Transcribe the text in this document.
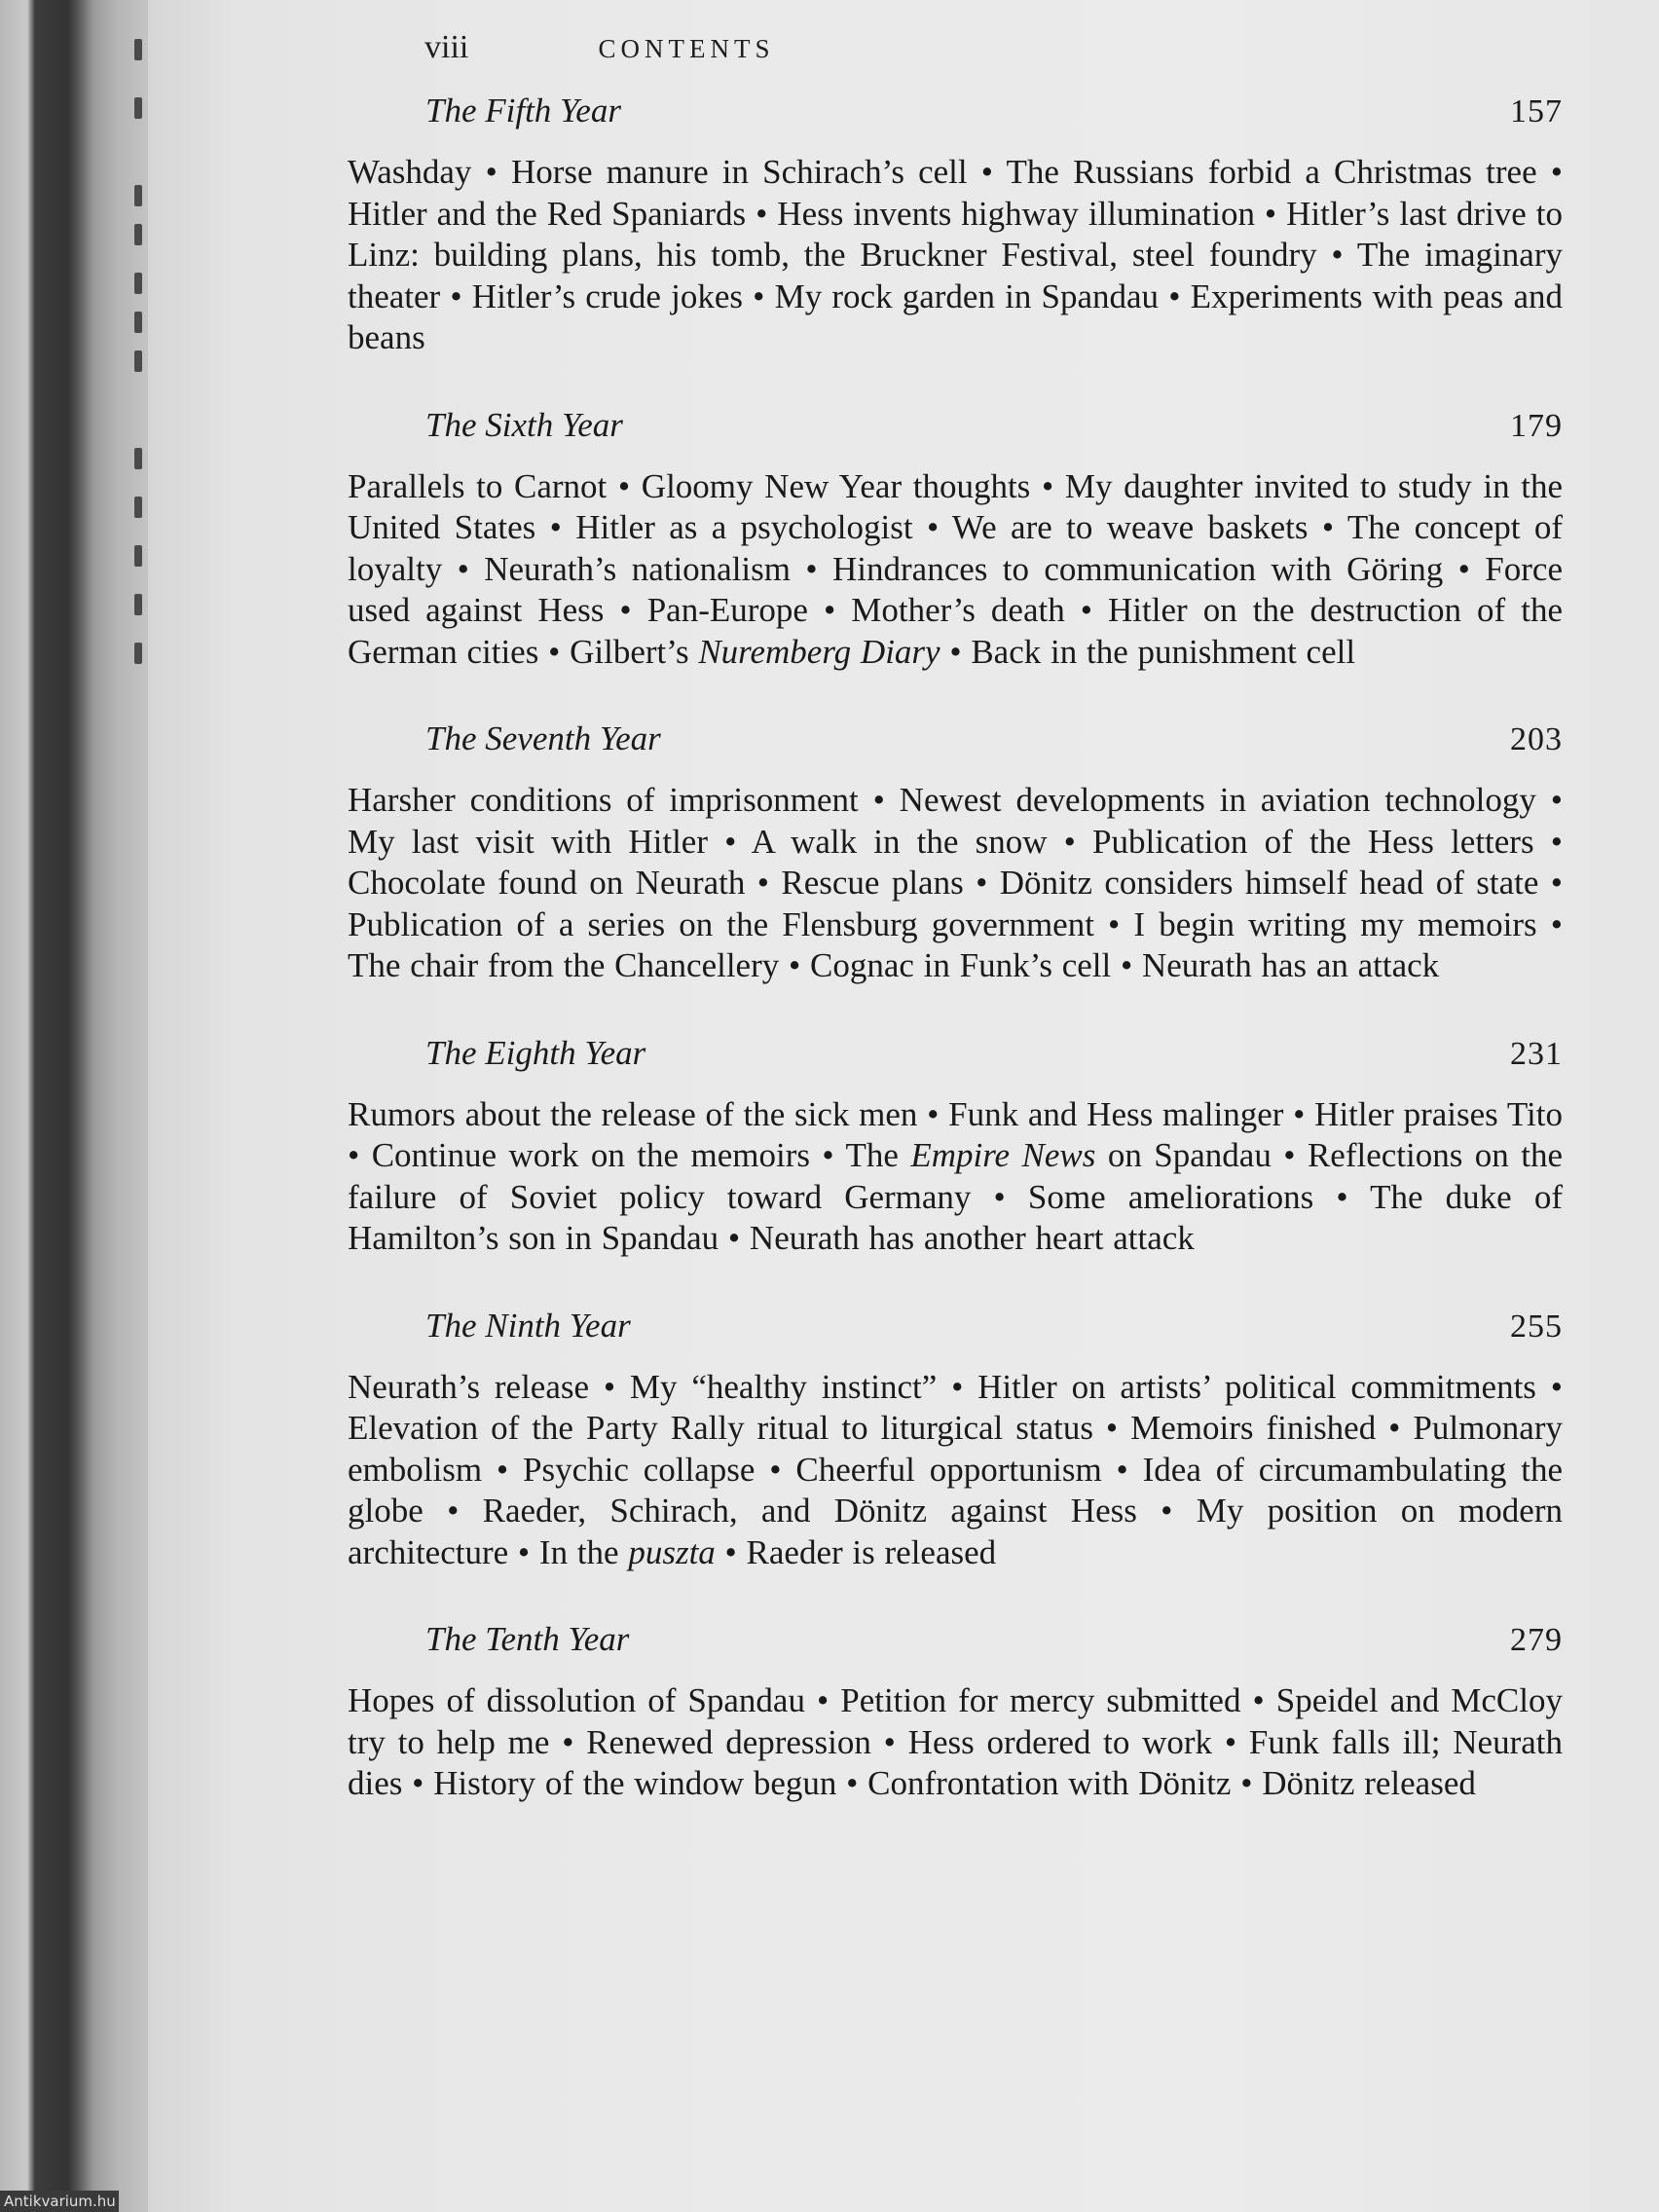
viii	CONTENTS
The Fifth Year	157
Washday • Horse manure in Schirach’s cell • The Russians forbid a Christmas tree • Hitler and the Red Spaniards • Hess invents highway illumination • Hitler’s last drive to Linz: building plans, his tomb, the Bruckner Festival, steel foundry • The imaginary theater • Hitler’s crude jokes • My rock garden in Spandau • Experiments with peas and beans
The Sixth Year	179
Parallels to Carnot • Gloomy New Year thoughts • My daughter invited to study in the United States • Hitler as a psychologist • We are to weave baskets • The concept of loyalty • Neurath’s nationalism • Hindrances to communication with Göring • Force used against Hess • Pan-Europe • Mother’s death • Hitler on the destruction of the German cities • Gilbert’s Nuremberg Diary • Back in the punishment cell
The Seventh Year	203
Harsher conditions of imprisonment • Newest developments in aviation technology • My last visit with Hitler • A walk in the snow • Publication of the Hess letters • Chocolate found on Neurath • Rescue plans • Dönitz considers himself head of state • Publication of a series on the Flensburg government • I begin writing my memoirs • The chair from the Chancellery • Cognac in Funk’s cell • Neurath has an attack
The Eighth Year	231
Rumors about the release of the sick men • Funk and Hess malinger • Hitler praises Tito • Continue work on the memoirs • The Empire News on Spandau • Reflections on the failure of Soviet policy toward Germany • Some ameliorations • The duke of Hamilton’s son in Spandau • Neurath has another heart attack
The Ninth Year	255
Neurath’s release • My “healthy instinct” • Hitler on artists’ political commitments • Elevation of the Party Rally ritual to liturgical status • Memoirs finished • Pulmonary embolism • Psychic collapse • Cheerful opportunism • Idea of circumambulating the globe • Raeder, Schirach, and Dönitz against Hess • My position on modern architecture • In the puszta • Raeder is released
The Tenth Year	279
Hopes of dissolution of Spandau • Petition for mercy submitted • Speidel and McCloy try to help me • Renewed depression • Hess ordered to work • Funk falls ill; Neurath dies • History of the window begun • Confrontation with Dönitz • Dönitz released
Antikvarium.hu
